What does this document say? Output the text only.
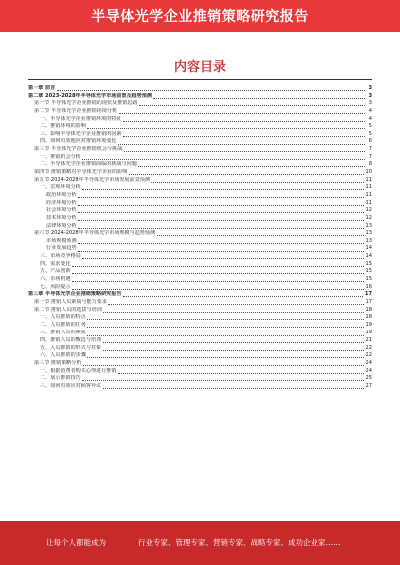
半导体光学企业推销策略研究报告
内容目录
第一章 前言	3
第二章 2023-2028年半导体光学市场前景及趋势预测	3
第一节 半导体光学企业推销的现状及推销思路	3
第二节 半导体光学企业推销环境分析	4
一、半导体光学企业推销环境的特征	4
二、推销环境的影响	5
三、影响半导体光学企业推销的因素	5
四、如何有效地应对推销环境变化	6
第三节 半导体光学企业推销机会与挑战	7
一、推销机会分析	7
二、半导体光学企业推销面临的挑战与问题	8
第四节 推销策略对半导体光学企业的影响	10
第五节 2024-2028年半导体光学市场发展前景预测	11
一、宏观环境分析	11
政治环境分析	11
经济环境分析	11
社会环境分析	12
技术环境分析	12
法律环境分析	13
第六节 2024-2028年半导体光学市场规模与趋势预测	13
市场规模预测	13
行业发展趋势	14
三、市场竞争格局	14
四、需求变化	15
五、产品创新	15
六、市场机遇	15
七、风险提示	16
第三章 半导体光学企业推销策略研究报告	17
第一节 推销人员素质与能力要求	17
第二节 推销人员的选拔与培训	18
一、人员推销的特点	18
二、人员推销的任务	19
三、推销人员的素质	19
四、推销人员的甄选与培训	21
五、人员推销的形式与对象	22
六、人员推销的步骤	22
第三节 推销策略分析	24
一、根据消费者购买心理进行推销	24
二、展示推销技巧	25
三、如何有效应对顾客异议	27
让每个人都能成为	行业专家、管理专家、营销专家、战略专家、成功企业家……
